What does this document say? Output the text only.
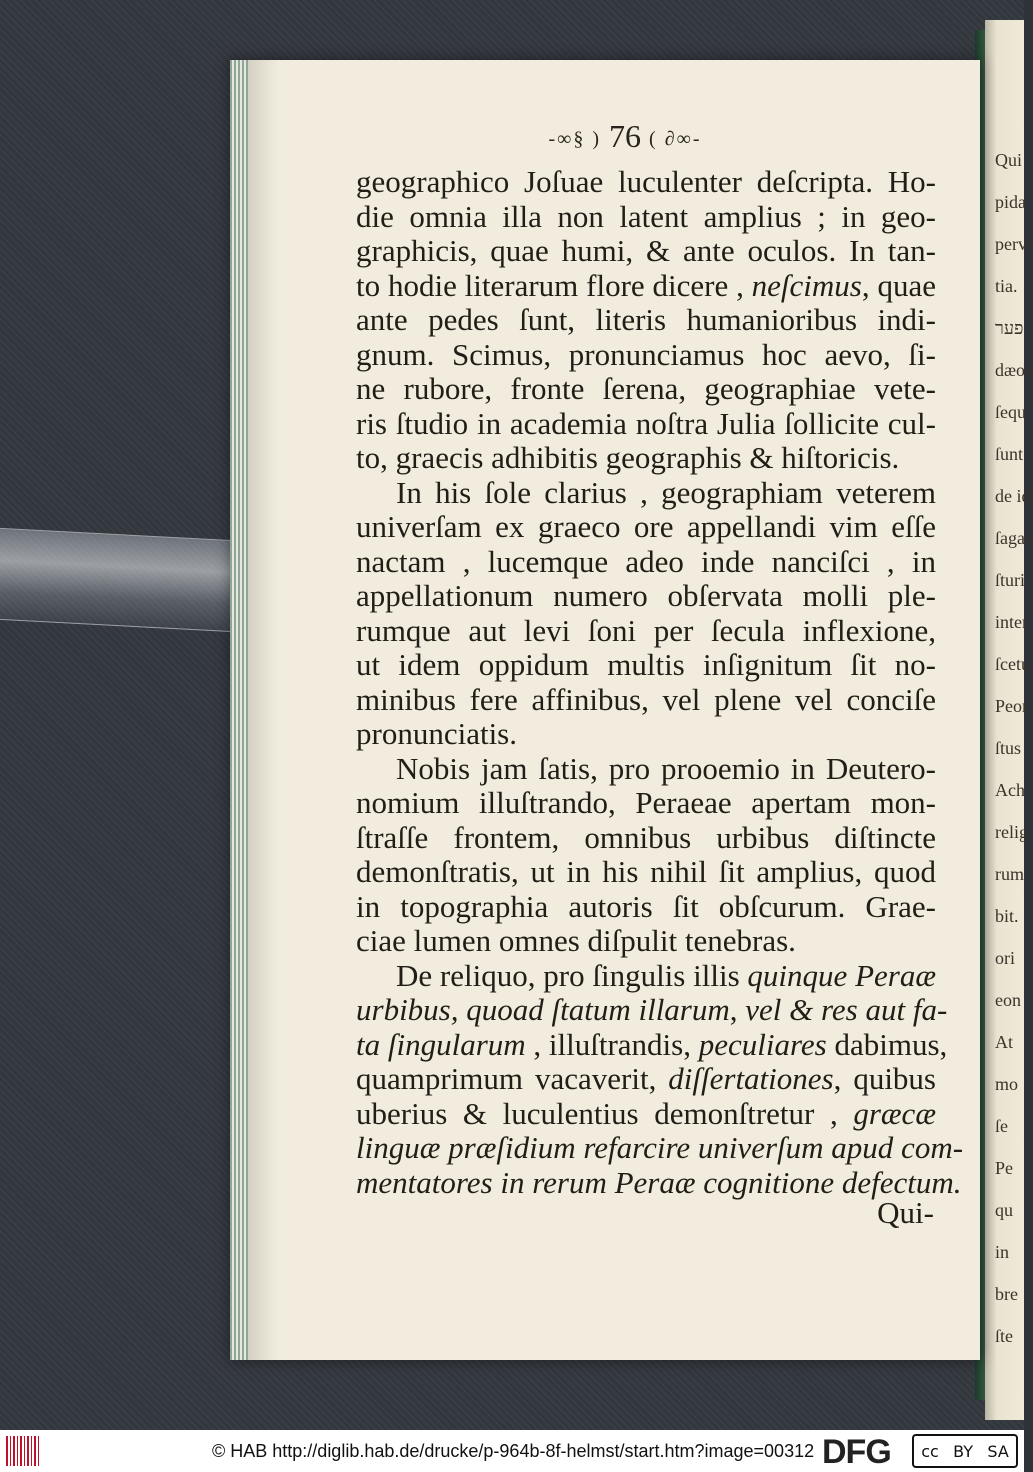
Qui
pida
pervi
tia.
פער
dæos
ſequ
ſunt
de id
ſagac
ſturi
inter
ſcetu
Peor
ſtus
Ach
relig
rum
bit.
ori
eon
At
mo
ſe
Pe
qu
in
bre
ſte
-∞§ ) 76 ( ∂∞-
geographico Joſuae luculenter deſcripta. Ho-
die omnia illa non latent amplius ; in geo-
graphicis, quae humi, & ante oculos. In tan-
to hodie literarum flore dicere , neſcimus, quae
ante pedes ſunt, literis humanioribus indi-
gnum. Scimus, pronunciamus hoc aevo, ſi-
ne rubore, fronte ſerena, geographiae vete-
ris ſtudio in academia noſtra Julia ſollicite cul-
to, graecis adhibitis geographis & hiſtoricis.
In his ſole clarius , geographiam veterem
univerſam ex graeco ore appellandi vim eſſe
nactam , lucemque adeo inde nanciſci , in
appellationum numero obſervata molli ple-
rumque aut levi ſoni per ſecula inflexione,
ut idem oppidum multis inſignitum ſit no-
minibus fere affinibus, vel plene vel conciſe
pronunciatis.
Nobis jam ſatis, pro prooemio in Deutero-
nomium illuſtrando, Peraeae apertam mon-
ſtraſſe frontem, omnibus urbibus diſtincte
demonſtratis, ut in his nihil ſit amplius, quod
in topographia autoris ſit obſcurum. Grae-
ciae lumen omnes diſpulit tenebras.
De reliquo, pro ſingulis illis quinque Peraæ
urbibus, quoad ſtatum illarum, vel & res aut fa-
ta ſingularum , illuſtrandis, peculiares dabimus,
quamprimum vacaverit, diſſertationes, quibus
uberius & luculentius demonſtretur , græcæ
linguæ præſidium refarcire univerſum apud com-
mentatores in rerum Peraæ cognitione defectum.
Qui-
© HAB http://diglib.hab.de/drucke/p-964b-8f-helmst/start.htm?image=00312 DFG cc BY SA
